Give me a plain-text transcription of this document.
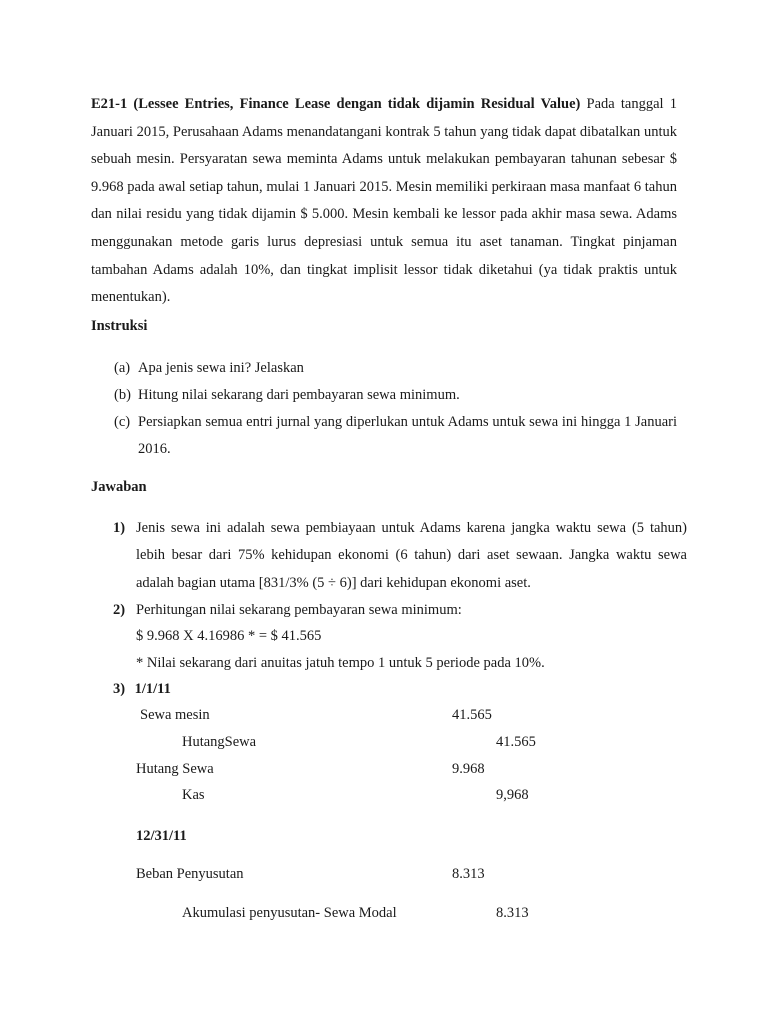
E21-1 (Lessee Entries, Finance Lease dengan tidak dijamin Residual Value) Pada tanggal 1 Januari 2015, Perusahaan Adams menandatangani kontrak 5 tahun yang tidak dapat dibatalkan untuk sebuah mesin. Persyaratan sewa meminta Adams untuk melakukan pembayaran tahunan sebesar $ 9.968 pada awal setiap tahun, mulai 1 Januari 2015. Mesin memiliki perkiraan masa manfaat 6 tahun dan nilai residu yang tidak dijamin $ 5.000. Mesin kembali ke lessor pada akhir masa sewa. Adams menggunakan metode garis lurus depresiasi untuk semua itu aset tanaman. Tingkat pinjaman tambahan Adams adalah 10%, dan tingkat implisit lessor tidak diketahui (ya tidak praktis untuk menentukan).

Instruksi

(a) Apa jenis sewa ini? Jelaskan
(b) Hitung nilai sekarang dari pembayaran sewa minimum.
(c) Persiapkan semua entri jurnal yang diperlukan untuk Adams untuk sewa ini hingga 1 Januari 2016.

Jawaban

1) Jenis sewa ini adalah sewa pembiayaan untuk Adams karena jangka waktu sewa (5 tahun) lebih besar dari 75% kehidupan ekonomi (6 tahun) dari aset sewaan. Jangka waktu sewa adalah bagian utama [831/3% (5 ÷ 6)] dari kehidupan ekonomi aset.
2) Perhitungan nilai sekarang pembayaran sewa minimum:

$ 9.968 X 4.16986 * = $ 41.565

* Nilai sekarang dari anuitas jatuh tempo 1 untuk 5 periode pada 10%.

3) 1/1/11

Sewa mesin	41.565
HutangSewa	41.565
Hutang Sewa	9.968
Kas	9,968

12/31/11

Beban Penyusutan	8.313
Akumulasi penyusutan- Sewa Modal	8.313
